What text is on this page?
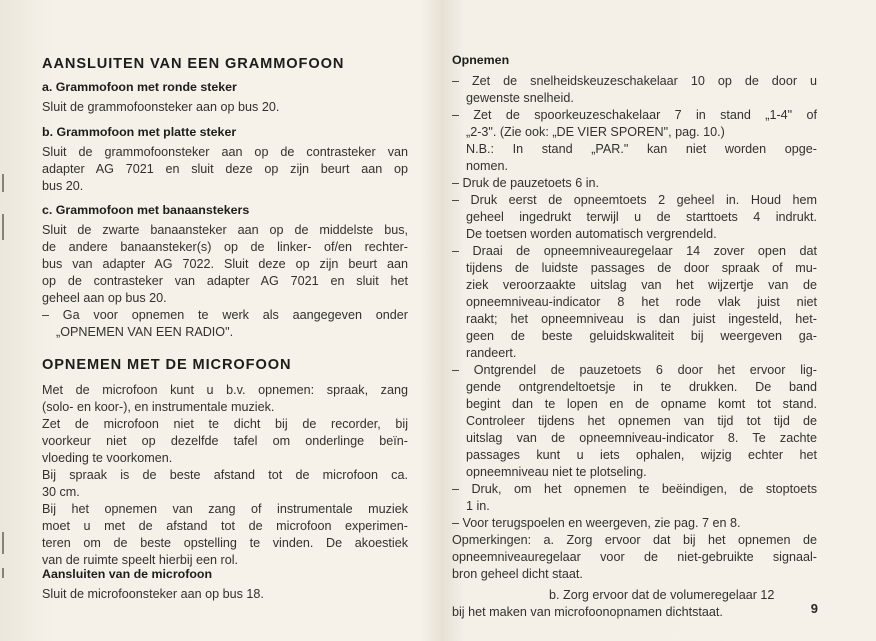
AANSLUITEN VAN EEN GRAMMOFOON
a. Grammofoon met ronde steker
Sluit de grammofoonsteker aan op bus 20.
b. Grammofoon met platte steker
Sluit de grammofoonsteker aan op de contrasteker van
adapter AG 7021 en sluit deze op zijn beurt aan op
bus 20.
c. Grammofoon met banaanstekers
Sluit de zwarte banaansteker aan op de middelste bus,
de andere banaansteker(s) op de linker- of/en rechter-
bus van adapter AG 7022. Sluit deze op zijn beurt aan
op de contrasteker van adapter AG 7021 en sluit het
geheel aan op bus 20.
– Ga voor opnemen te werk als aangegeven onder
„OPNEMEN VAN EEN RADIO".
OPNEMEN MET DE MICROFOON
Met de microfoon kunt u b.v. opnemen: spraak, zang
(solo- en koor-), en instrumentale muziek.
Zet de microfoon niet te dicht bij de recorder, bij
voorkeur niet op dezelfde tafel om onderlinge beïn-
vloeding te voorkomen.
Bij spraak is de beste afstand tot de microfoon ca.
30 cm.
Bij het opnemen van zang of instrumentale muziek
moet u met de afstand tot de microfoon experimen-
teren om de beste opstelling te vinden. De akoestiek
van de ruimte speelt hierbij een rol.
Aansluiten van de microfoon
Sluit de microfoonsteker aan op bus 18.
Opnemen
– Zet de snelheidskeuzeschakelaar 10 op de door u
gewenste snelheid.
– Zet de spoorkeuzeschakelaar 7 in stand „1-4" of
„2-3". (Zie ook: „DE VIER SPOREN", pag. 10.)
N.B.: In stand „PAR." kan niet worden opge-
nomen.
– Druk de pauzetoets 6 in.
– Druk eerst de opneemtoets 2 geheel in. Houd hem
geheel ingedrukt terwijl u de starttoets 4 indrukt.
De toetsen worden automatisch vergrendeld.
– Draai de opneemniveauregelaar 14 zover open dat
tijdens de luidste passages de door spraak of mu-
ziek veroorzaakte uitslag van het wijzertje van de
opneemniveau-indicator 8 het rode vlak juist niet
raakt; het opneemniveau is dan juist ingesteld, het-
geen de beste geluidskwaliteit bij weergeven ga-
randeert.
– Ontgrendel de pauzetoets 6 door het ervoor lig-
gende ontgrendeltoetsje in te drukken. De band
begint dan te lopen en de opname komt tot stand.
Controleer tijdens het opnemen van tijd tot tijd de
uitslag van de opneemniveau-indicator 8. Te zachte
passages kunt u iets ophalen, wijzig echter het
opneemniveau niet te plotseling.
– Druk, om het opnemen te beëindigen, de stoptoets
1 in.
– Voor terugspoelen en weergeven, zie pag. 7 en 8.
Opmerkingen: a. Zorg ervoor dat bij het opnemen de
opneemniveauregelaar voor de niet-gebruikte signaal-
bron geheel dicht staat.
b. Zorg ervoor dat de volumeregelaar 12
bij het maken van microfoonopnamen dichtstaat.	9
